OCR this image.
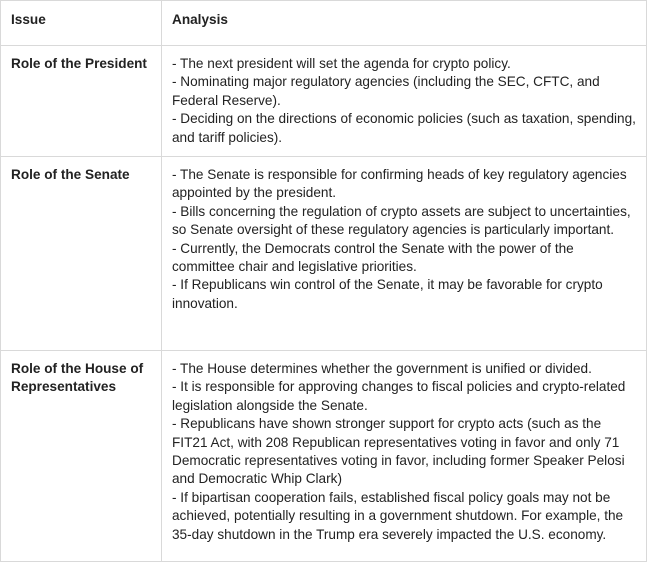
Issue	Analysis

Role of the President	- The next president will set the agenda for crypto policy.
- Nominating major regulatory agencies (including the SEC, CFTC, and Federal Reserve).
- Deciding on the directions of economic policies (such as taxation, spending, and tariff policies).

Role of the Senate	- The Senate is responsible for confirming heads of key regulatory agencies appointed by the president.
- Bills concerning the regulation of crypto assets are subject to uncertainties, so Senate oversight of these regulatory agencies is particularly important.
- Currently, the Democrats control the Senate with the power of the committee chair and legislative priorities.
- If Republicans win control of the Senate, it may be favorable for crypto innovation.

Role of the House of Representatives	- The House determines whether the government is unified or divided.
- It is responsible for approving changes to fiscal policies and crypto-related legislation alongside the Senate.
- Republicans have shown stronger support for crypto acts (such as the FIT21 Act, with 208 Republican representatives voting in favor and only 71 Democratic representatives voting in favor, including former Speaker Pelosi and Democratic Whip Clark)
- If bipartisan cooperation fails, established fiscal policy goals may not be achieved, potentially resulting in a government shutdown. For example, the 35-day shutdown in the Trump era severely impacted the U.S. economy.
